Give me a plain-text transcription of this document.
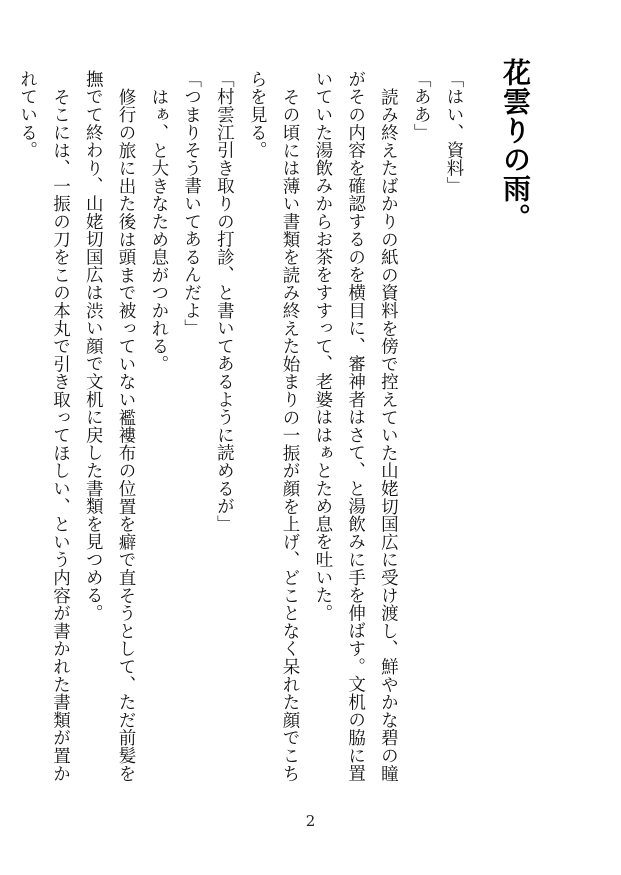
花雲りの雨。

「はい、資料」

「ああ」

読み終えたばかりの紙の資料を傍で控えていた山姥切国広に受け渡し、鮮やかな碧の瞳がその内容を確認するのを横目に、審神者はさて、と湯飲みに手を伸ばす。文机の脇に置いていた湯飲みからお茶をすすって、老婆ははぁとため息を吐いた。

その頃には薄い書類を読み終えた始まりの一振が顔を上げ、どことなく呆れた顔でこちらを見る。

「村雲江引き取りの打診、と書いてあるように読めるが」

「つまりそう書いてあるんだよ」

はぁ、と大きなため息がつかれる。

修行の旅に出た後は頭まで被っていない襤褸布の位置を癖で直そうとして、ただ前髪を撫でて終わり、山姥切国広は渋い顔で文机に戻した書類を見つめる。

そこには、一振の刀をこの本丸で引き取ってほしい、という内容が書かれた書類が置かれている。

2
